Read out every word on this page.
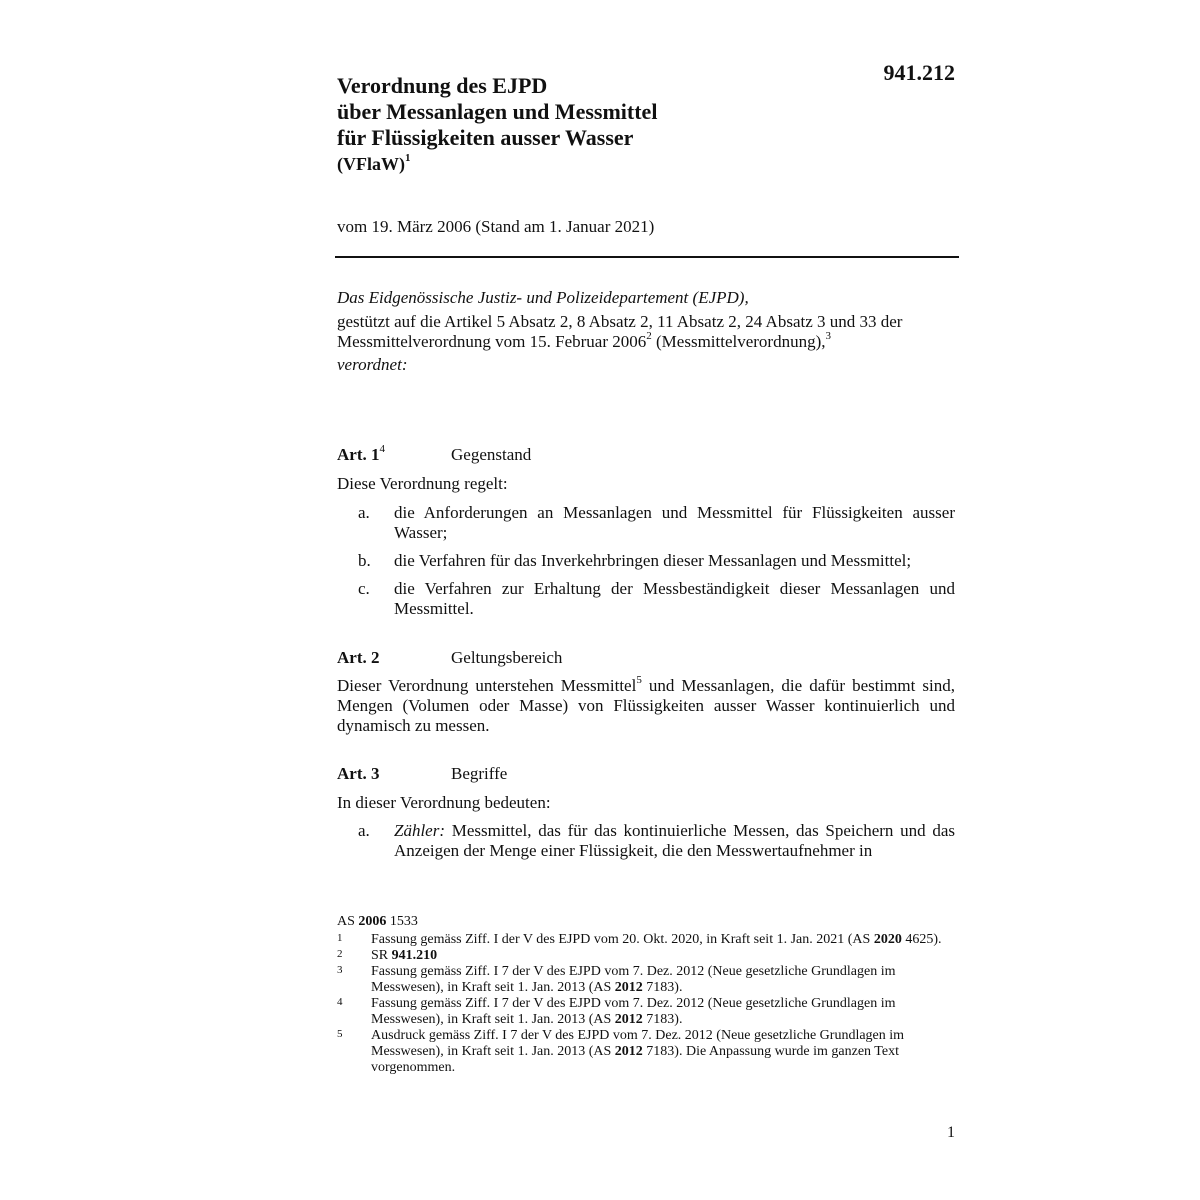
941.212
Verordnung des EJPD
über Messanlagen und Messmittel
für Flüssigkeiten ausser Wasser
(VFlaW)$^1$
vom 19. März 2006 (Stand am 1. Januar 2021)
Das Eidgenössische Justiz- und Polizeidepartement (EJPD),
gestützt auf die Artikel 5 Absatz 2, 8 Absatz 2, 11 Absatz 2, 24 Absatz 3 und 33 der Messmittelverordnung vom 15. Februar 2006$^2$ (Messmittelverordnung),$^3$
verordnet:
Art. $1^4$	Gegenstand
Diese Verordnung regelt:
a. die Anforderungen an Messanlagen und Messmittel für Flüssigkeiten ausser Wasser;
b. die Verfahren für das Inverkehrbringen dieser Messanlagen und Messmittel;
c. die Verfahren zur Erhaltung der Messbeständigkeit dieser Messanlagen und Messmittel.
Art. 2	Geltungsbereich
Dieser Verordnung unterstehen Messmittel$^5$ und Messanlagen, die dafür bestimmt sind, Mengen (Volumen oder Masse) von Flüssigkeiten ausser Wasser kontinuierlich und dynamisch zu messen.
Art. 3	Begriffe
In dieser Verordnung bedeuten:
a. Zähler: Messmittel, das für das kontinuierliche Messen, das Speichern und das Anzeigen der Menge einer Flüssigkeit, die den Messwertaufnehmer in
AS 2006 1533
1 Fassung gemäss Ziff. I der V des EJPD vom 20. Okt. 2020, in Kraft seit 1. Jan. 2021 (AS 2020 4625).
2 SR 941.210
3 Fassung gemäss Ziff. I 7 der V des EJPD vom 7. Dez. 2012 (Neue gesetzliche Grundlagen im Messwesen), in Kraft seit 1. Jan. 2013 (AS 2012 7183).
4 Fassung gemäss Ziff. I 7 der V des EJPD vom 7. Dez. 2012 (Neue gesetzliche Grundlagen im Messwesen), in Kraft seit 1. Jan. 2013 (AS 2012 7183).
5 Ausdruck gemäss Ziff. I 7 der V des EJPD vom 7. Dez. 2012 (Neue gesetzliche Grundlagen im Messwesen), in Kraft seit 1. Jan. 2013 (AS 2012 7183). Die Anpassung wurde im ganzen Text vorgenommen.
1
